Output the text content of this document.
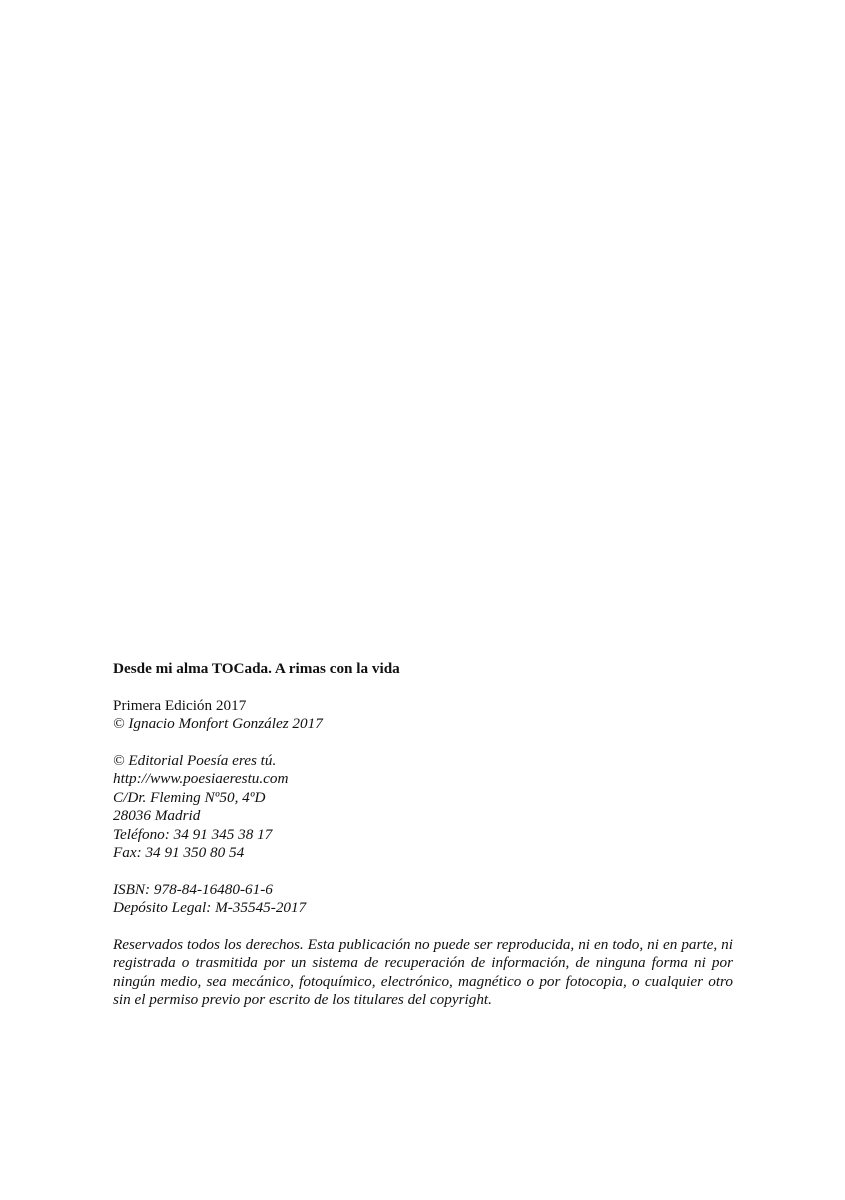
Desde mi alma TOCada. A rimas con la vida

Primera Edición 2017
© Ignacio Monfort González 2017
© Editorial Poesía eres tú.
http://www.poesiaerestu.com
C/Dr. Fleming Nº50, 4ºD
28036 Madrid
Teléfono: 34 91 345 38 17
Fax: 34 91 350 80 54
ISBN: 978-84-16480-61-6
Depósito Legal: M-35545-2017

Reservados todos los derechos. Esta publicación no puede ser reproducida, ni en todo, ni en parte, ni registrada o trasmitida por un sistema de recuperación de información, de ninguna forma ni por ningún medio, sea mecánico, fotoquímico, electrónico, magnético o por fotocopia, o cualquier otro sin el permiso previo por escrito de los titulares del copyright.
